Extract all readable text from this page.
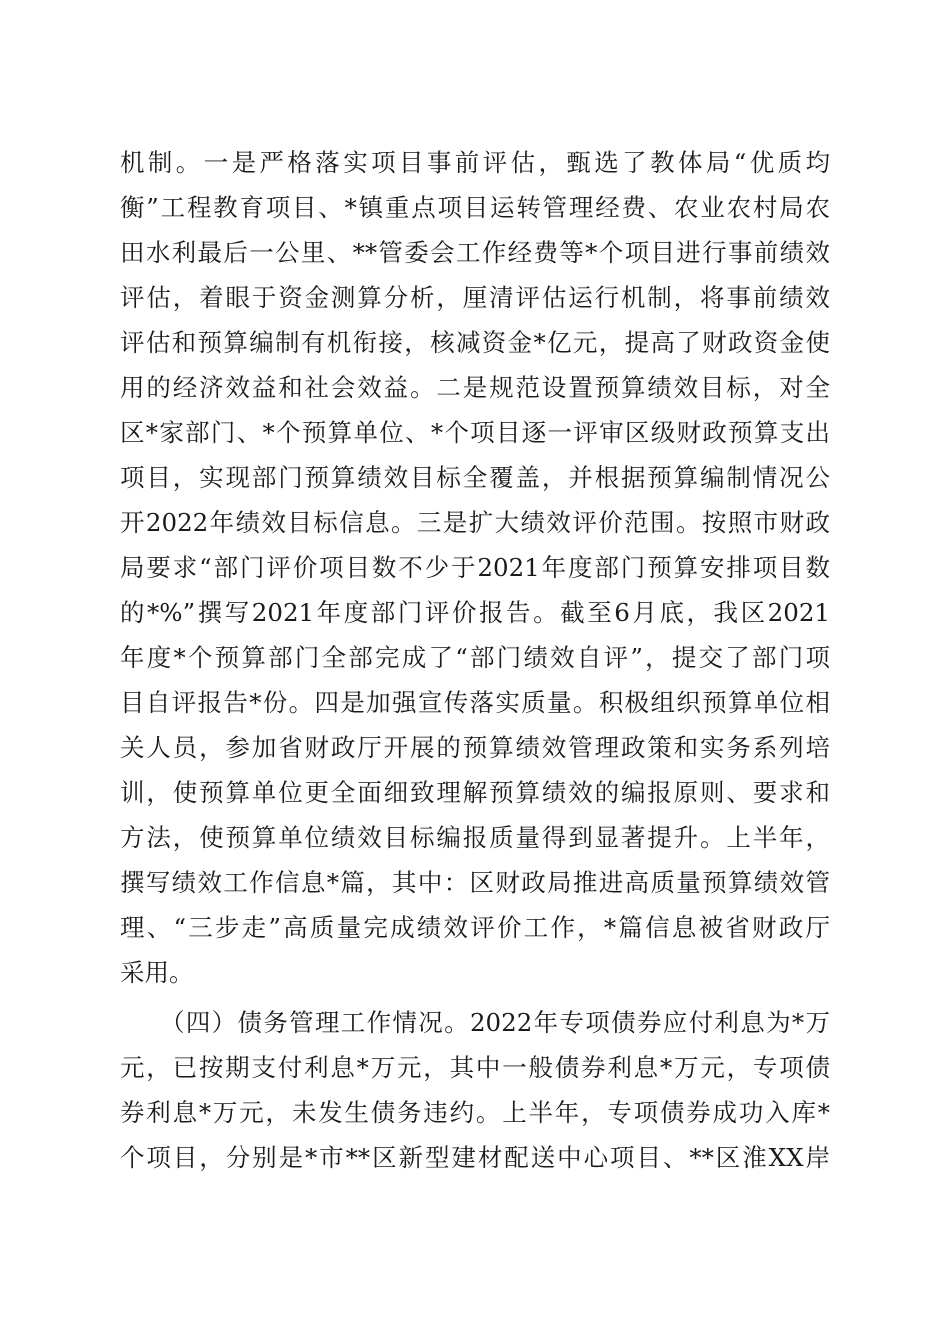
机制。一是严格落实项目事前评估，甄选了教体局“优质均
衡”工程教育项目、*镇重点项目运转管理经费、农业农村局农
田水利最后一公里、**管委会工作经费等*个项目进行事前绩效
评估，着眼于资金测算分析，厘清评估运行机制，将事前绩效
评估和预算编制有机衔接，核减资金*亿元，提高了财政资金使
用的经济效益和社会效益。二是规范设置预算绩效目标，对全
区*家部门、*个预算单位、*个项目逐一评审区级财政预算支出
项目，实现部门预算绩效目标全覆盖，并根据预算编制情况公
开2022年绩效目标信息。三是扩大绩效评价范围。按照市财政
局要求“部门评价项目数不少于2021年度部门预算安排项目数
的*%”撰写2021年度部门评价报告。截至6月底，我区2021
年度*个预算部门全部完成了“部门绩效自评”，提交了部门项
目自评报告*份。四是加强宣传落实质量。积极组织预算单位相
关人员，参加省财政厅开展的预算绩效管理政策和实务系列培
训，使预算单位更全面细致理解预算绩效的编报原则、要求和
方法，使预算单位绩效目标编报质量得到显著提升。上半年，
撰写绩效工作信息*篇，其中：区财政局推进高质量预算绩效管
理、“三步走”高质量完成绩效评价工作，*篇信息被省财政厅
采用。
（四）债务管理工作情况。2022年专项债券应付利息为*万
元，已按期支付利息*万元，其中一般债券利息*万元，专项债
券利息*万元，未发生债务违约。上半年，专项债券成功入库*
个项目，分别是*市**区新型建材配送中心项目、**区淮XX岸
